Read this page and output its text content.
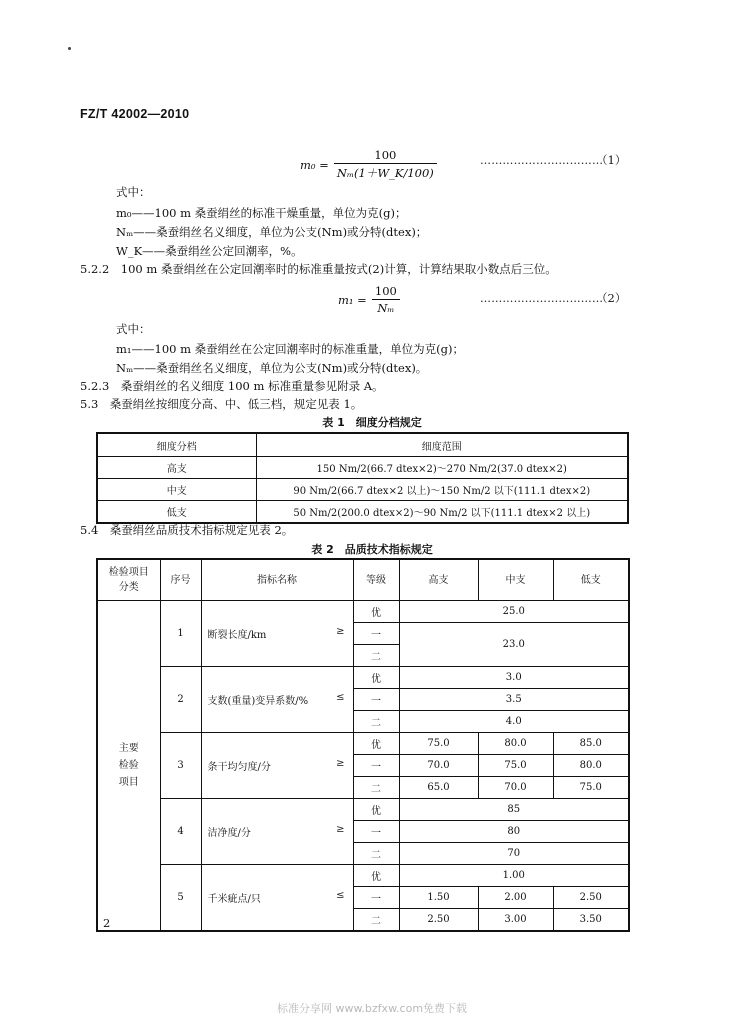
FZ/T 42002—2010
$m_0 = \frac{100}{\text{Nₘ(1＋W\_K/100)}}$	……………………………
（1）
式中：
m₀——100 m 桑蚕绢丝的标准干燥重量，单位为克(g)；
Nₘ——桑蚕绢丝名义细度，单位为公支(Nm)或分特(dtex)；
W_K——桑蚕绢丝公定回潮率，%。
5.2.2　100 m 桑蚕绢丝在公定回潮率时的标准重量按式(2)计算，计算结果取小数点后三位。
$m_1 = \frac{100}{\text{Nₘ}}$	……………………………
（2）
式中：
m₁——100 m 桑蚕绢丝在公定回潮率时的标准重量，单位为克(g)；
Nₘ——桑蚕绢丝名义细度，单位为公支(Nm)或分特(dtex)。
5.2.3　桑蚕绢丝的名义细度 100 m 标准重量参见附录 A。
5.3　桑蚕绢丝按细度分高、中、低三档，规定见表 1。
表 1　细度分档规定
细度分档	细度范围
高支	150 Nm/2(66.7 dtex×2)～270 Nm/2(37.0 dtex×2)
中支	90 Nm/2(66.7 dtex×2 以上)～150 Nm/2 以下(111.1 dtex×2)
低支	50 Nm/2(200.0 dtex×2)～90 Nm/2 以下(111.1 dtex×2 以上)
5.4　桑蚕绢丝品质技术指标规定见表 2。
表 2　品质技术指标规定
检验项目
分类	序号	指标名称	等级	高支	中支	低支
主要
检验
项目	1	断裂长度/km ≥	优	25.0		
			一	23.0		
			二			
	2	支数(重量)变异系数/% ≤	优	3.0		
			一	3.5		
			二	4.0		
	3	条干均匀度/分 ≥	优	75.0	80.0	85.0
			一	70.0	75.0	80.0
			二	65.0	70.0	75.0
	4	洁净度/分 ≥	优	85		
			一	80		
			二	70		
	5	千米疵点/只 ≤	优	1.00		
			一	1.50	2.00	2.50
			二	2.50	3.00	3.50
2
标准分享网 www.bzfxw.com免费下载
